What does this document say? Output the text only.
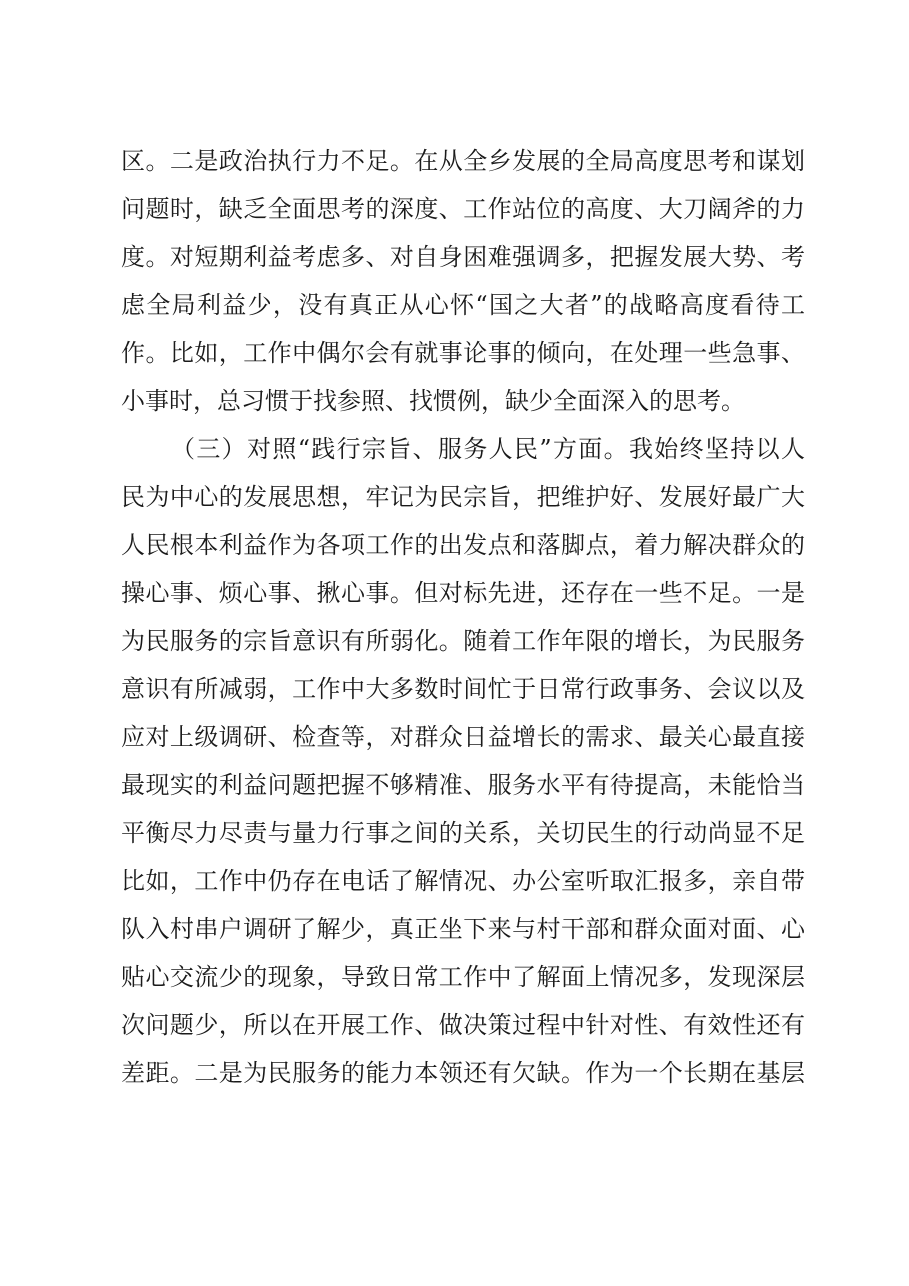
区。二是政治执行力不足。在从全乡发展的全局高度思考和谋划
问题时，缺乏全面思考的深度、工作站位的高度、大刀阔斧的力
度。对短期利益考虑多、对自身困难强调多，把握发展大势、考
虑全局利益少，没有真正从心怀“国之大者”的战略高度看待工
作。比如，工作中偶尔会有就事论事的倾向，在处理一些急事、
小事时，总习惯于找参照、找惯例，缺少全面深入的思考。
（三）对照“践行宗旨、服务人民”方面。我始终坚持以人
民为中心的发展思想，牢记为民宗旨，把维护好、发展好最广大
人民根本利益作为各项工作的出发点和落脚点，着力解决群众的
操心事、烦心事、揪心事。但对标先进，还存在一些不足。一是
为民服务的宗旨意识有所弱化。随着工作年限的增长，为民服务
意识有所减弱，工作中大多数时间忙于日常行政事务、会议以及
应对上级调研、检查等，对群众日益增长的需求、最关心最直接
最现实的利益问题把握不够精准、服务水平有待提高，未能恰当
平衡尽力尽责与量力行事之间的关系，关切民生的行动尚显不足
比如，工作中仍存在电话了解情况、办公室听取汇报多，亲自带
队入村串户调研了解少，真正坐下来与村干部和群众面对面、心
贴心交流少的现象，导致日常工作中了解面上情况多，发现深层
次问题少，所以在开展工作、做决策过程中针对性、有效性还有
差距。二是为民服务的能力本领还有欠缺。作为一个长期在基层
